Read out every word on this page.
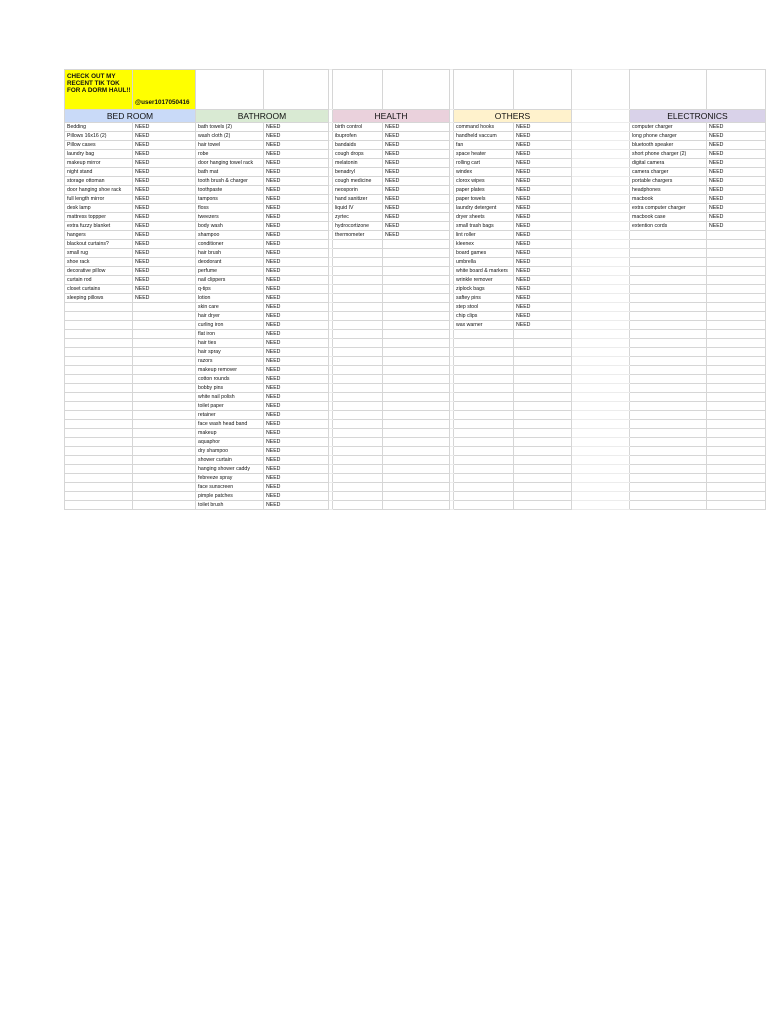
CHECK OUT MY RECENT TIK TOK FOR A DORM HAUL!!	@user1017050416											

BED ROOM		BATHROOM			HEALTH			OTHERS			ELECTRONICS	

Bedding	NEED	bath towels (2)	NEED		birth control	NEED		command hooks	NEED		computer charger	NEED
Pillows 16x16 (2)	NEED	wash cloth (2)	NEED		ibuprofen	NEED		handheld vaccum	NEED		long phone charger	NEED
Pillow cases	NEED	hair towel	NEED		bandaids	NEED		fan	NEED		bluetooth speaker	NEED
laundry bag	NEED	robe	NEED		cough drops	NEED		space heater	NEED		short phone charger (2)	NEED
makeup mirror	NEED	door hanging towel rack	NEED		melatonin	NEED		rolling cart	NEED		digital camera	NEED
night stand	NEED	bath mat	NEED		benadryl	NEED		windex	NEED		camera charger	NEED
storage ottoman	NEED	tooth brush & charger	NEED		cough medicine	NEED		clorox wipes	NEED		portable chargers	NEED
door hanging shoe rack	NEED	toothpaste	NEED		neosporin	NEED		paper plates	NEED		headphones	NEED
full length mirror	NEED	tampons	NEED		hand sanitizer	NEED		paper towels	NEED		macbook	NEED
desk lamp	NEED	floss	NEED		liquid IV	NEED		laundry detergent	NEED		extra computer charger	NEED
mattress toppper	NEED	tweezers	NEED		zyrtec	NEED		dryer sheets	NEED		macbook case	NEED
extra fuzzy blanket	NEED	body wash	NEED		hydrocortizone	NEED		small trash bags	NEED		extention cords	NEED
hangers	NEED	shampoo	NEED		thermometer	NEED		lint roller	NEED			
blackout curtains?	NEED	conditioner	NEED					kleenex	NEED			
small rug	NEED	hair brush	NEED					board games	NEED			
shoe rack	NEED	deodorant	NEED					umbrella	NEED			
decorative pillow	NEED	perfume	NEED					white board & markers	NEED			
curtain rod	NEED	nail clippers	NEED					wrinkle remover	NEED			
closet curtains	NEED	q-tips	NEED					ziplock bags	NEED			
sleeping pillows	NEED	lotion	NEED					saftey pins	NEED			
		skin care	NEED					step stool	NEED			
		hair dryer	NEED					chip clips	NEED			
		curling iron	NEED					wax warner	NEED			
		flat iron	NEED									
		hair ties	NEED									
		hair spray	NEED									
		razors	NEED									
		makeup remover	NEED									
		cotton rounds	NEED									
		bobby pins	NEED									
		white nail polish	NEED									
		toilet paper	NEED									
		retainer	NEED									
		face wash head band	NEED									
		makeup	NEED									
		aquaphor	NEED									
		dry shampoo	NEED									
		shower curtain	NEED									
		hanging shower caddy	NEED									
		febreeze spray	NEED									
		face sunscreen	NEED									
		pimple patches	NEED									
		toilet brush	NEED									
